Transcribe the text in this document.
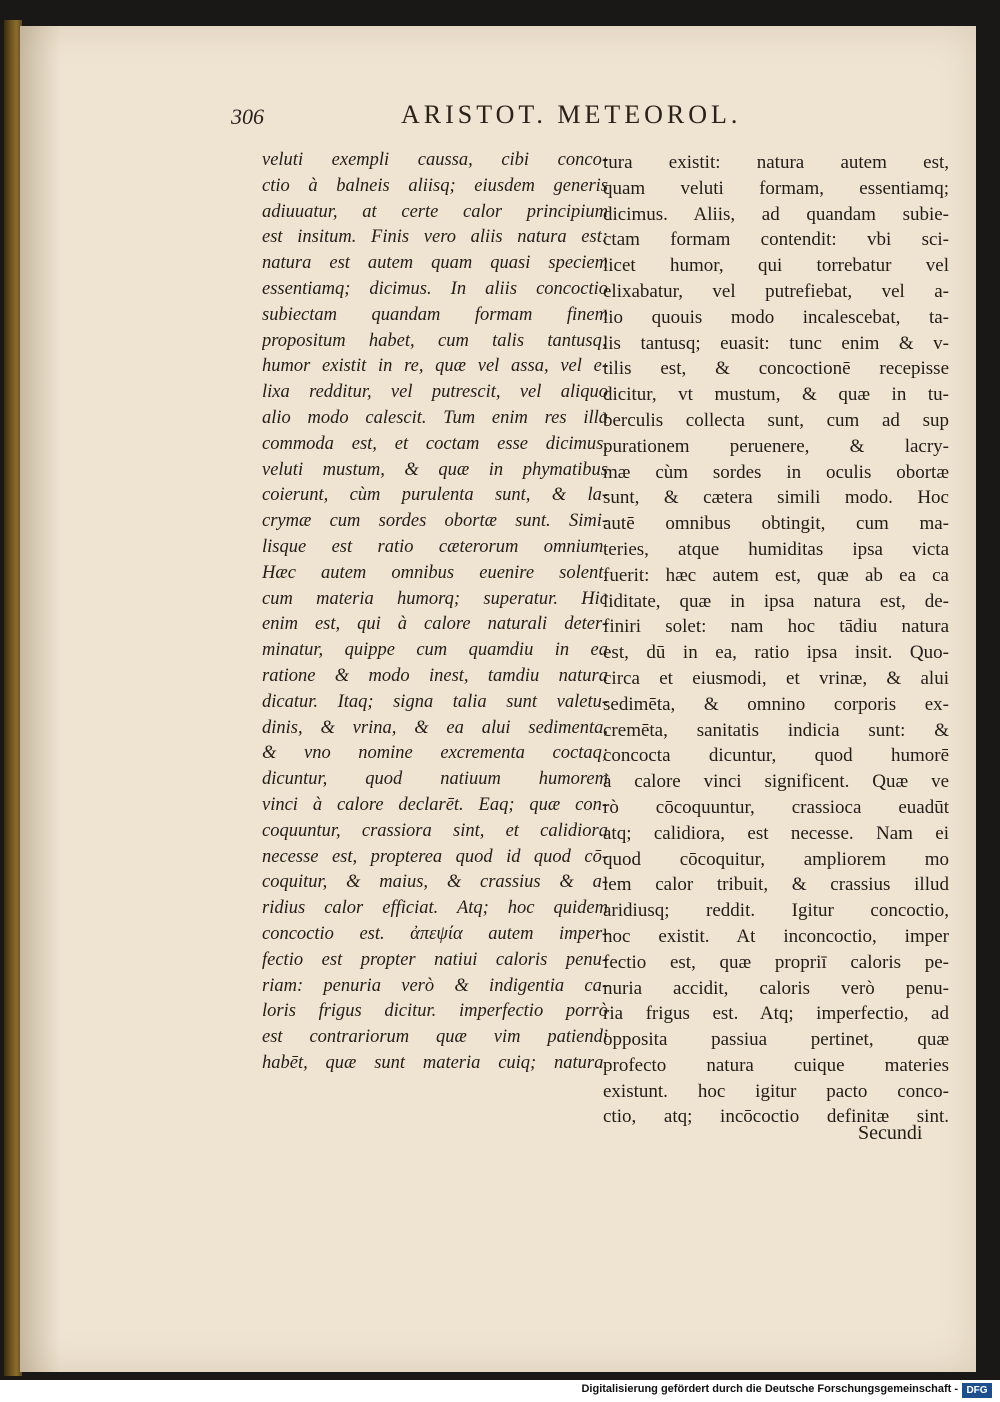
306	ARISTOT. METEOROL.
veluti exempli caussa, cibi conco-
ctio à balneis aliisq; eiusdem generis
adiuuatur, at certe calor principium
est insitum. Finis vero aliis natura est:
natura est autem quam quasi speciem
essentiamq; dicimus. In aliis concoctio
subiectam quandam formam finem
propositum habet, cum talis tantusq;
humor existit in re, quæ vel assa, vel e-
lixa redditur, vel putrescit, vel aliquo
alio modo calescit. Tum enim res illa
commoda est, et coctam esse dicimus,
veluti mustum, & quæ in phymatibus
coierunt, cùm purulenta sunt, & la-
crymæ cum sordes obortæ sunt. Simi-
lisque est ratio cæterorum omnium.
Hæc autem omnibus euenire solent,
cum materia humorq; superatur. Hic
enim est, qui à calore naturali deter-
minatur, quippe cum quamdiu in ea
ratione & modo inest, tamdiu natura
dicatur. Itaq; signa talia sunt valetu-
dinis, & vrina, & ea alui sedimenta,
& vno nomine excrementa coctaq;
dicuntur, quod natiuum humorem
vinci à calore declarēt. Eaq; quæ con-
coquuntur, crassiora sint, et calidiora
necesse est, propterea quod id quod cō-
coquitur, & maius, & crassius & a-
ridius calor efficiat. Atq; hoc quidem
concoctio est. ἀπεψία autem imper-
fectio est propter natiui caloris penu-
riam: penuria verò & indigentia ca-
loris frigus dicitur. imperfectio porrò
est contrariorum quæ vim patiendi
habēt, quæ sunt materia cuiq; natura.
tura existit: natura autem est,
quam veluti formam, essentiamq;
dicimus. Aliis, ad quandam subie-
ctam formam contendit: vbi sci-
licet humor, qui torrebatur vel
elixabatur, vel putrefiebat, vel a-
lio quouis modo incalescebat, ta-
lis tantusq; euasit: tunc enim & v-
tilis est, & concoctionē recepisse
dicitur, vt mustum, & quæ in tu-
berculis collecta sunt, cum ad sup
purationem peruenere, & lacry-
mæ cùm sordes in oculis obortæ
sunt, & cætera simili modo. Hoc
autē omnibus obtingit, cum ma-
teries, atque humiditas ipsa victa
fuerit: hæc autem est, quæ ab ea ca
liditate, quæ in ipsa natura est, de-
finiri solet: nam hoc tādiu natura
est, dū in ea, ratio ipsa insit. Quo-
circa et eiusmodi, et vrinæ, & alui
sedimēta, & omnino corporis ex-
cremēta, sanitatis indicia sunt: &
concocta dicuntur, quod humorē
à calore vinci significent. Quæ ve
rò cōcoquuntur, crassioca euadūt
atq; calidiora, est necesse. Nam ei
quod cōcoquitur, ampliorem mo
lem calor tribuit, & crassius illud
aridiusq; reddit. Igitur concoctio,
hoc existit. At inconcoctio, imper
fectio est, quæ propriī caloris pe-
nuria accidit, caloris verò penu-
ria frigus est. Atq; imperfectio, ad
opposita passiua pertinet, quæ
profecto natura cuique materies
existunt. hoc igitur pacto conco-
ctio, atq; incōcoctio definitæ sint.
Secundi
Digitalisierung gefördert durch die Deutsche Forschungsgemeinschaft - DFG
